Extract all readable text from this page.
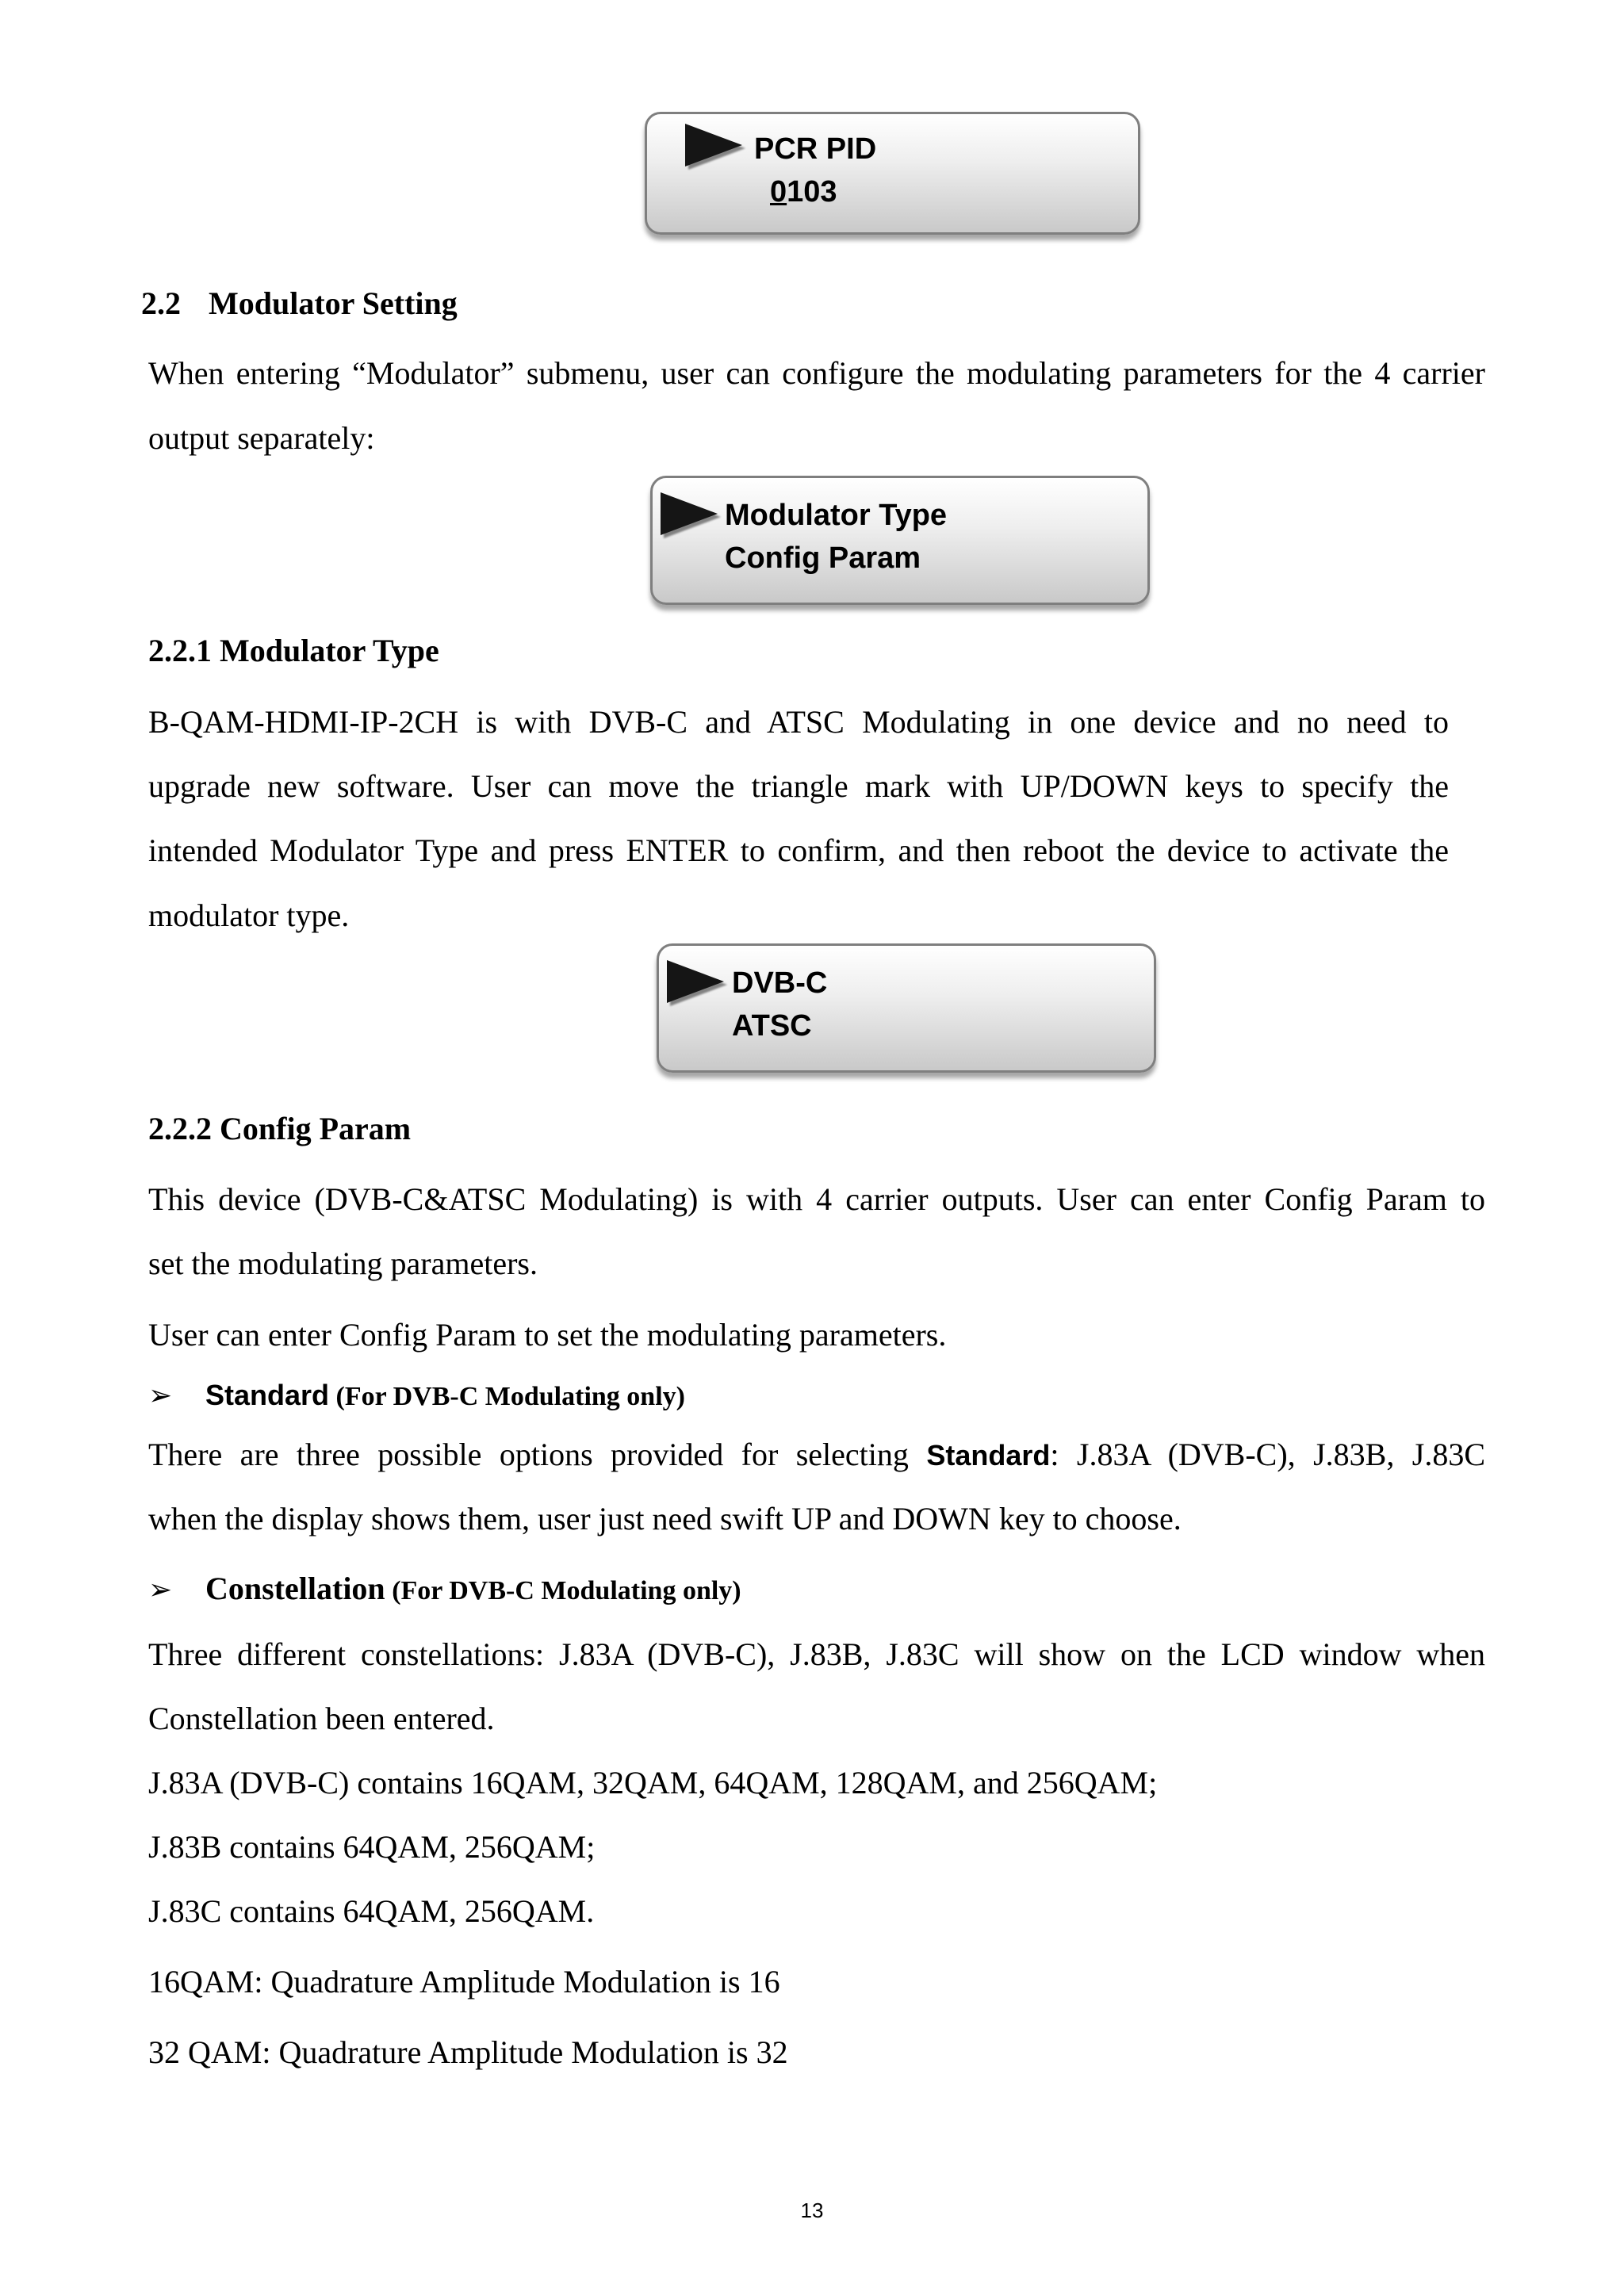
PCR PID
0103
2.2 Modulator Setting
When entering “Modulator” submenu, user can configure the modulating parameters for the 4 carrier
output separately:
Modulator Type
Config Param
2.2.1 Modulator Type
B-QAM-HDMI-IP-2CH is with DVB-C and ATSC Modulating in one device and no need to
upgrade new software. User can move the triangle mark with UP/DOWN keys to specify the
intended Modulator Type and press ENTER to confirm, and then reboot the device to activate the
modulator type.
DVB-C
ATSC
2.2.2 Config Param
This device (DVB-C&ATSC Modulating) is with 4 carrier outputs. User can enter Config Param to
set the modulating parameters.
User can enter Config Param to set the modulating parameters.
➢ Standard (For DVB-C Modulating only)
There are three possible options provided for selecting Standard: J.83A (DVB-C), J.83B, J.83C
when the display shows them, user just need swift UP and DOWN key to choose.
➢ Constellation (For DVB-C Modulating only)
Three different constellations: J.83A (DVB-C), J.83B, J.83C will show on the LCD window when
Constellation been entered.
J.83A (DVB-C) contains 16QAM, 32QAM, 64QAM, 128QAM, and 256QAM;
J.83B contains 64QAM, 256QAM;
J.83C contains 64QAM, 256QAM.
16QAM: Quadrature Amplitude Modulation is 16
32 QAM: Quadrature Amplitude Modulation is 32
13
